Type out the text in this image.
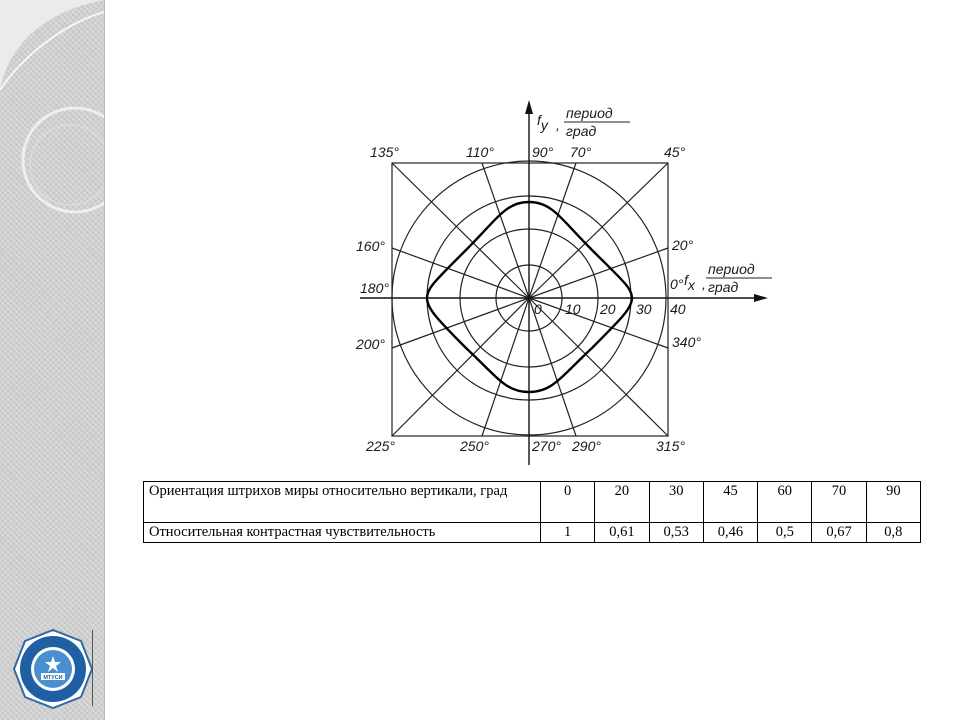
МТУСИ
fy ,
период
град
fx ,
период
град
135°	110°	90° 70°	45°
160°	20°
180°	0°
200°	340°
225°	250°	270° 290°	315°
0 10 20 30 40
Ориентация штрихов миры относительно вертикали, град	0	20	30	45	60	70	90
Относительная контрастная чувствительность	1	0,61	0,53	0,46	0,5	0,67	0,8
